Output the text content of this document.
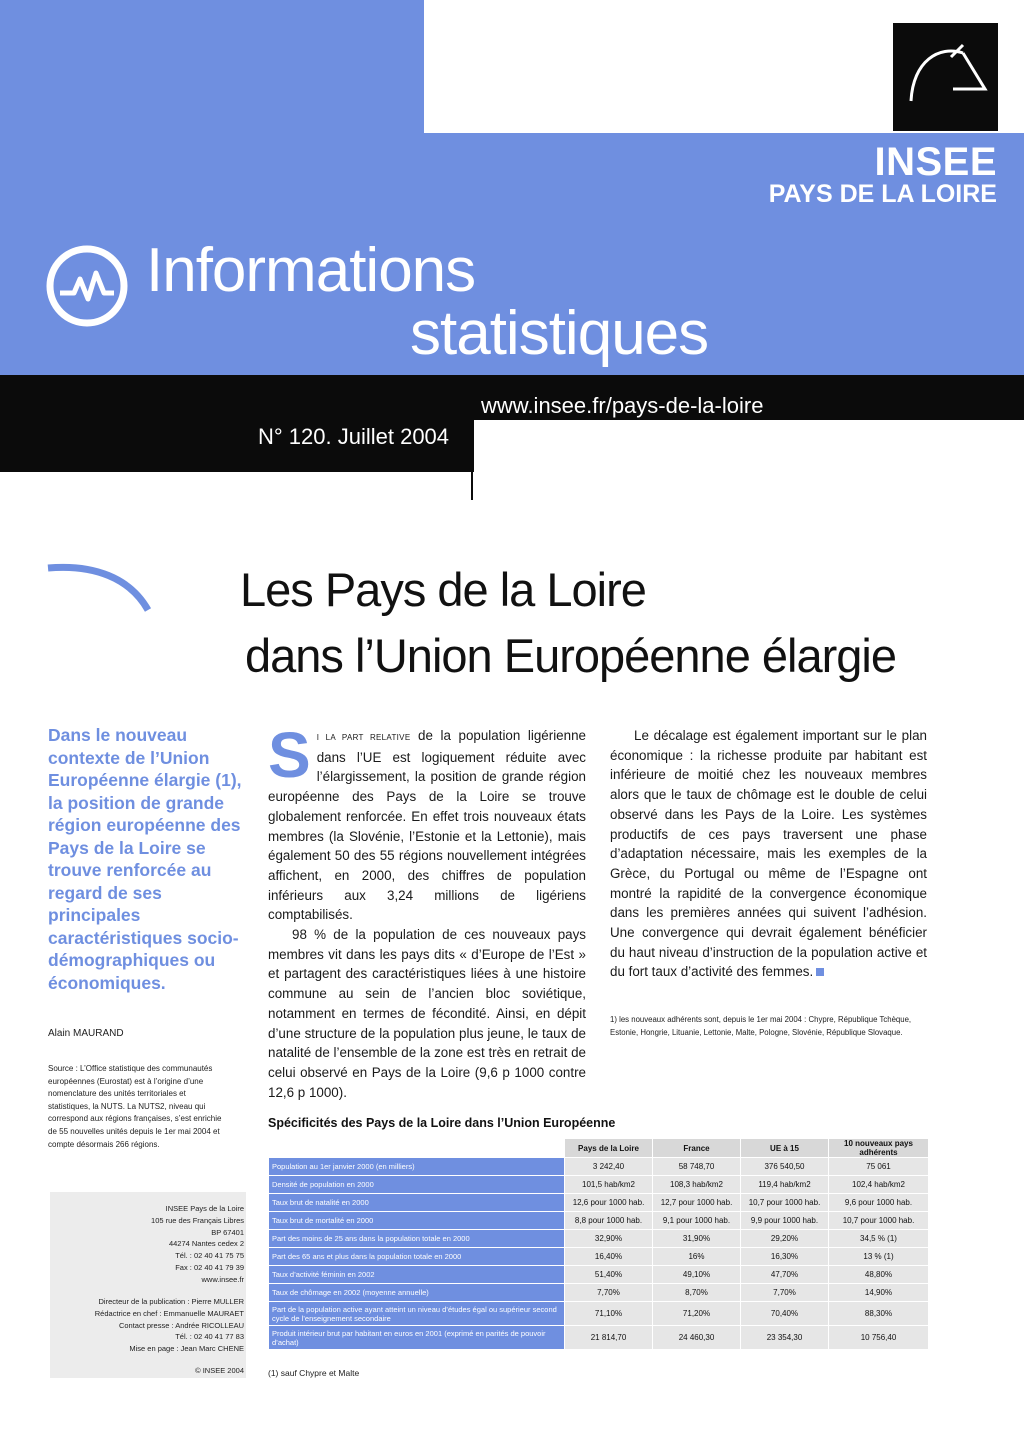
INSEE
PAYS DE LA LOIRE
Informations
statistiques
www.insee.fr/pays-de-la-loire
N° 120. Juillet 2004
Les Pays de la Loire
dans l’Union Européenne élargie
Dans le nouveau contexte de l’Union Européenne élargie (1), la position de grande région européenne des Pays de la Loire se trouve renforcée au regard de ses principales caractéristiques socio-démographiques ou économiques.
Alain MAURAND
Source : L’Office statistique des communautés européennes (Eurostat) est à l’origine d’une nomenclature des unités territoriales et statistiques, la NUTS. La NUTS2, niveau qui correspond aux régions françaises, s’est enrichie de 55 nouvelles unités depuis le 1er mai 2004 et compte désormais 266 régions.
INSEE Pays de la Loire
105 rue des Français Libres
BP 67401
44274 Nantes cedex 2
Tél. : 02 40 41 75 75
Fax : 02 40 41 79 39
www.insee.fr
Directeur de la publication : Pierre MULLER
Rédactrice en chef : Emmanuelle MAURAET
Contact presse : Andrée RICOLLEAU
Tél. : 02 40 41 77 83
Mise en page : Jean Marc CHENE
© INSEE 2004

S I LA PART RELATIVE de la population ligérienne dans l’UE est logiquement réduite avec l’élargissement, la position de grande région européenne des Pays de la Loire se trouve globalement renforcée. En effet trois nouveaux états membres (la Slovénie, l’Estonie et la Lettonie), mais également 50 des 55 régions nouvellement intégrées affichent, en 2000, des chiffres de population inférieurs aux 3,24 millions de ligériens comptabilisés.

98 % de la population de ces nouveaux pays membres vit dans les pays dits « d’Europe de l’Est » et partagent des caractéristiques liées à une histoire commune au sein de l’ancien bloc soviétique, notamment en termes de fécondité. Ainsi, en dépit d’une structure de la population plus jeune, le taux de natalité de l’ensemble de la zone est très en retrait de celui observé en Pays de la Loire (9,6 p 1000 contre 12,6 p 1000).

Le décalage est également important sur le plan économique : la richesse produite par habitant est inférieure de moitié chez les nouveaux membres alors que le taux de chômage est le double de celui observé dans les Pays de la Loire. Les systèmes productifs de ces pays traversent une phase d’adaptation nécessaire, mais les exemples de la Grèce, du Portugal ou même de l’Espagne ont montré la rapidité de la convergence économique dans les premières années qui suivent l’adhésion. Une convergence qui devrait également bénéficier du haut niveau d’instruction de la population active et du fort taux d’activité des femmes.

1) les nouveaux adhérents sont, depuis le 1er mai 2004 : Chypre, République Tchèque, Estonie, Hongrie, Lituanie, Lettonie, Malte, Pologne, Slovénie, République Slovaque.
Spécificités des Pays de la Loire dans l’Union Européenne
	Pays de la Loire	France	UE à 15	10 nouveaux pays adhérents
Population au 1er janvier 2000 (en milliers)	3 242,40	58 748,70	376 540,50	75 061
Densité de population en 2000	101,5 hab/km2	108,3 hab/km2	119,4 hab/km2	102,4 hab/km2
Taux brut de natalité en 2000	12,6 pour 1000 hab.	12,7 pour 1000 hab.	10,7 pour 1000 hab.	9,6 pour 1000 hab.
Taux brut de mortalité en 2000	8,8 pour 1000 hab.	9,1 pour 1000 hab.	9,9 pour 1000 hab.	10,7 pour 1000 hab.
Part des moins de 25 ans dans la population totale en 2000	32,90%	31,90%	29,20%	34,5 % (1)
Part des 65 ans et plus dans la population totale en 2000	16,40%	16%	16,30%	13 % (1)
Taux d’activité féminin en 2002	51,40%	49,10%	47,70%	48,80%
Taux de chômage en 2002 (moyenne annuelle)	7,70%	8,70%	7,70%	14,90%
Part de la population active ayant atteint un niveau d’études égal ou supérieur second cycle de l’enseignement secondaire	71,10%	71,20%	70,40%	88,30%
Produit intérieur brut par habitant en euros en 2001 (exprimé en parités de pouvoir d’achat)	21 814,70	24 460,30	23 354,30	10 756,40
(1) sauf Chypre et Malte
